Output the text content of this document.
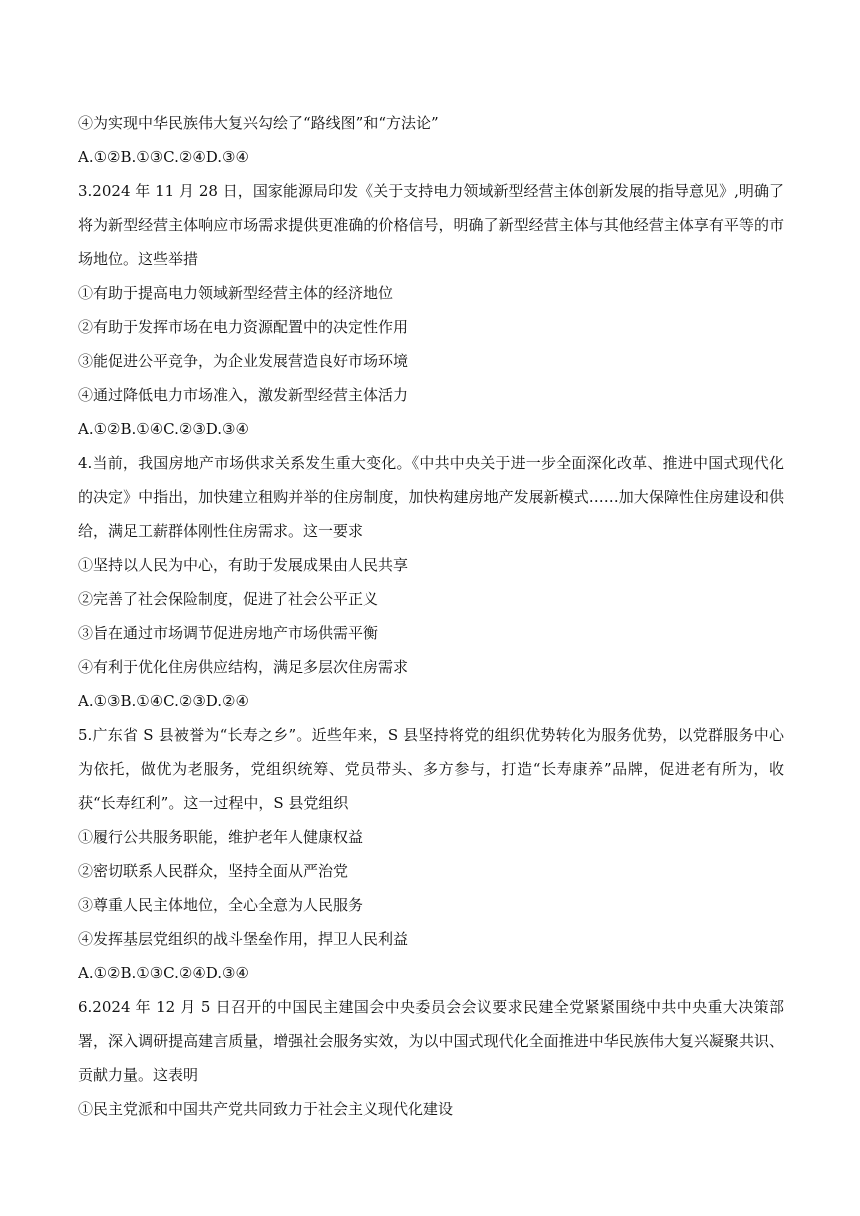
④为实现中华民族伟大复兴勾绘了“路线图”和“方法论”
A.①②B.①③C.②④D.③④
3.2024 年 11 月 28 日，国家能源局印发《关于支持电力领域新型经营主体创新发展的指导意见》,明确了将为新型经营主体响应市场需求提供更准确的价格信号，明确了新型经营主体与其他经营主体享有平等的市场地位。这些举措
①有助于提高电力领域新型经营主体的经济地位
②有助于发挥市场在电力资源配置中的决定性作用
③能促进公平竞争，为企业发展营造良好市场环境
④通过降低电力市场准入，激发新型经营主体活力
A.①②B.①④C.②③D.③④
4.当前，我国房地产市场供求关系发生重大变化。《中共中央关于进一步全面深化改革、推进中国式现代化的决定》中指出，加快建立租购并举的住房制度，加快构建房地产发展新模式……加大保障性住房建设和供给，满足工薪群体刚性住房需求。这一要求
①坚持以人民为中心，有助于发展成果由人民共享
②完善了社会保险制度，促进了社会公平正义
③旨在通过市场调节促进房地产市场供需平衡
④有利于优化住房供应结构，满足多层次住房需求
A.①③B.①④C.②③D.②④
5.广东省 S 县被誉为“长寿之乡”。近些年来，S 县坚持将党的组织优势转化为服务优势，以党群服务中心为依托，做优为老服务，党组织统筹、党员带头、多方参与，打造“长寿康养”品牌，促进老有所为，收获“长寿红利”。这一过程中，S 县党组织
①履行公共服务职能，维护老年人健康权益
②密切联系人民群众，坚持全面从严治党
③尊重人民主体地位，全心全意为人民服务
④发挥基层党组织的战斗堡垒作用，捍卫人民利益
A.①②B.①③C.②④D.③④
6.2024 年 12 月 5 日召开的中国民主建国会中央委员会会议要求民建全党紧紧围绕中共中央重大决策部署，深入调研提高建言质量，增强社会服务实效，为以中国式现代化全面推进中华民族伟大复兴凝聚共识、贡献力量。这表明
①民主党派和中国共产党共同致力于社会主义现代化建设
